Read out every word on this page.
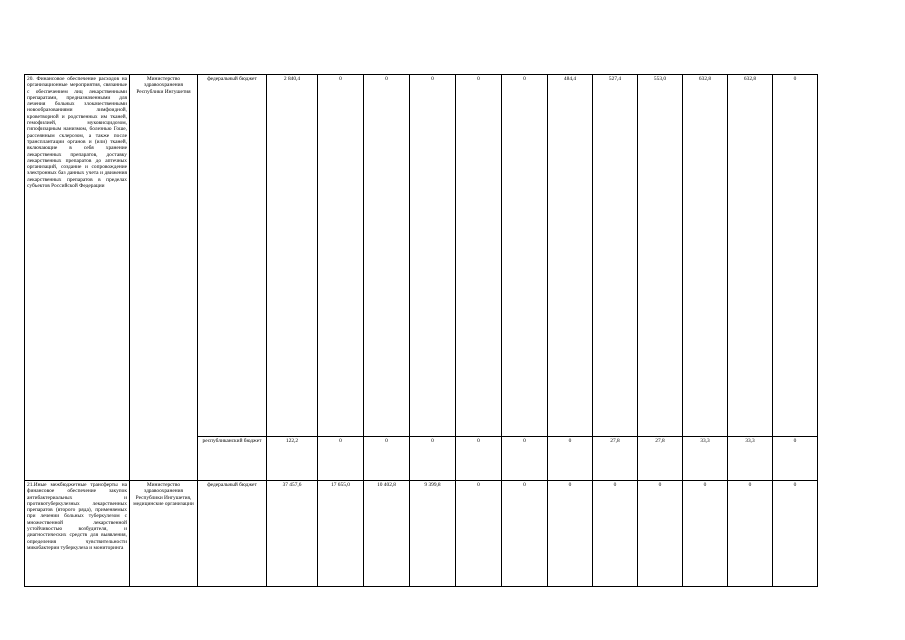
20. Финансовое обеспечение расходов на организационные мероприятия, связанные с обеспечением лиц лекарственными препаратами, предназначенными для лечения больных злокачественными новообразованиями лимфоидной, кроветворной и родственных им тканей, гемофилией, муковисцидозом, гипофизарным нанизмом, болезнью Гоше, рассеянным склерозом, а также после трансплантации органов и (или) тканей, включающие в себя хранение лекарственных препаратов, доставку лекарственных препаратов до аптечных организаций, создание и сопровождение электронных баз данных учета и движения лекарственных препаратов в пределах субъектов Российской Федерации	Министерство здравоохранения Республики Ингушетия	федеральный бюджет	2 840,4	0	0	0	0	0	484,4	527,4	553,0	632,8	632,8	0
		республиканский бюджет	122,2	0	0	0	0	0	0	27,8	27,8	33,3	33,3	0
21.Иные межбюджетные трансферты на финансовое обеспечение закупок антибактериальных и противотуберкулезных лекарственных препаратов (второго ряда), применяемых при лечении больных туберкулезом с множественной лекарственной устойчивостью возбудителя, и диагностических средств для выявления, определения чувствительности микобактерии туберкулеза и мониторинга	Министерство здравоохранения Республики Ингушетия, медицинские организации	федеральный бюджет	37 457,6	17 655,0	10 402,8	9 399,8	0	0	0	0	0	0	0	0
